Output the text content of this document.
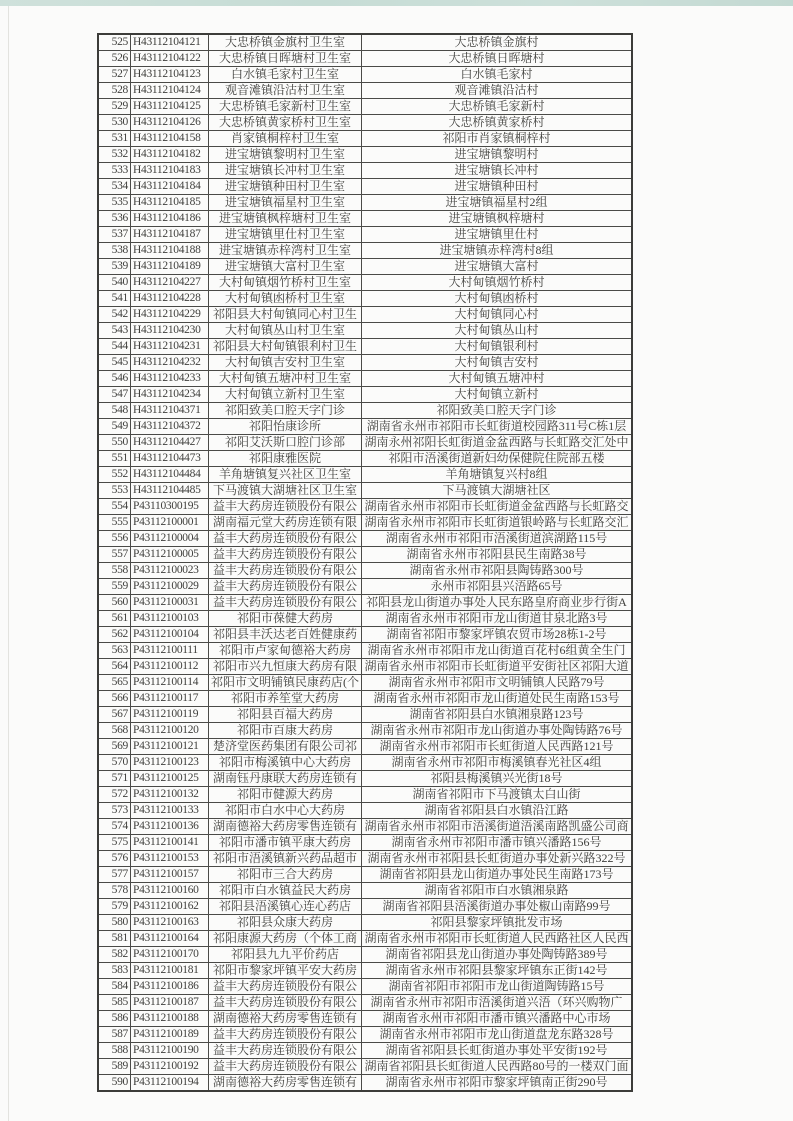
525	H43112104121	大忠桥镇金旗村卫生室	大忠桥镇金旗村
526	H43112104122	大忠桥镇日晖塘村卫生室	大忠桥镇日晖塘村
527	H43112104123	白水镇毛家村卫生室	白水镇毛家村
528	H43112104124	观音滩镇沿沽村卫生室	观音滩镇沿沽村
529	H43112104125	大忠桥镇毛家新村卫生室	大忠桥镇毛家新村
530	H43112104126	大忠桥镇黄家桥村卫生室	大忠桥镇黄家桥村
531	H43112104158	肖家镇桐梓村卫生室	祁阳市肖家镇桐梓村
532	H43112104182	进宝塘镇黎明村卫生室	进宝塘镇黎明村
533	H43112104183	进宝塘镇长冲村卫生室	进宝塘镇长冲村
534	H43112104184	进宝塘镇种田村卫生室	进宝塘镇种田村
535	H43112104185	进宝塘镇福星村卫生室	进宝塘镇福星村2组
536	H43112104186	进宝塘镇枫梓塘村卫生室	进宝塘镇枫梓塘村
537	H43112104187	进宝塘镇里仕村卫生室	进宝塘镇里仕村
538	H43112104188	进宝塘镇赤梓湾村卫生室	进宝塘镇赤梓湾村8组
539	H43112104189	进宝塘镇大富村卫生室	进宝塘镇大富村
540	H43112104227	大村甸镇烟竹桥村卫生室	大村甸镇烟竹桥村
541	H43112104228	大村甸镇凼桥村卫生室	大村甸镇凼桥村
542	H43112104229	祁阳县大村甸镇同心村卫生	大村甸镇同心村
543	H43112104230	大村甸镇丛山村卫生室	大村甸镇丛山村
544	H43112104231	祁阳县大村甸镇银利村卫生	大村甸镇银利村
545	H43112104232	大村甸镇吉安村卫生室	大村甸镇吉安村
546	H43112104233	大村甸镇五塘冲村卫生室	大村甸镇五塘冲村
547	H43112104234	大村甸镇立新村卫生室	大村甸镇立新村
548	H43112104371	祁阳致美口腔天字门诊	祁阳致美口腔天字门诊
549	H43112104372	祁阳怡康诊所	湖南省永州市祁阳市长虹街道校园路311号C栋1层
550	H43112104427	祁阳艾沃斯口腔门诊部	湖南永州祁阳长虹街道金盆西路与长虹路交汇处中
551	H43112104473	祁阳康雅医院	祁阳市浯溪街道新妇幼保健院住院部五楼
552	H43112104484	羊角塘镇复兴社区卫生室	羊角塘镇复兴村8组
553	H43112104485	下马渡镇大湖塘社区卫生室	下马渡镇大湖塘社区
554	P43110300195	益丰大药房连锁股份有限公	湖南省永州市祁阳市长虹街道金盆西路与长虹路交
555	P43112100001	湖南福元堂大药房连锁有限	湖南省永州市祁阳市长虹街道银岭路与长虹路交汇
556	P43112100004	益丰大药房连锁股份有限公	湖南省永州市祁阳市浯溪街道滨湖路115号
557	P43112100005	益丰大药房连锁股份有限公	湖南省永州市祁阳县民生南路38号
558	P43112100023	益丰大药房连锁股份有限公	湖南省永州市祁阳县陶铸路300号
559	P43112100029	益丰大药房连锁股份有限公	永州市祁阳县兴浯路65号
560	P43112100031	益丰大药房连锁股份有限公	祁阳县龙山街道办事处人民东路皇府商业步行街A
561	P43112100103	祁阳市葆健大药房	湖南省永州市祁阳市龙山街道甘泉北路3号
562	P43112100104	祁阳县丰沃达老百姓健康药	湖南省祁阳市黎家坪镇农贸市场28栋1-2号
563	P43112100111	祁阳市卢家甸德裕大药房	湖南省永州市祁阳市龙山街道百花村6组黄全生门
564	P43112100112	祁阳市兴九恒康大药房有限	湖南省永州市祁阳市长虹街道平安街社区祁阳大道
565	P43112100114	祁阳市文明铺镇民康药店(个	湖南省永州市祁阳市文明铺镇人民路79号
566	P43112100117	祁阳市养笙堂大药房	湖南省永州市祁阳市龙山街道处民生南路153号
567	P43112100119	祁阳县百福大药房	湖南省祁阳县白水镇湘泉路123号
568	P43112100120	祁阳市百康大药房	湖南省永州市祁阳市龙山街道办事处陶铸路76号
569	P43112100121	楚济堂医药集团有限公司祁	湖南省永州市祁阳市长虹街道人民西路121号
570	P43112100123	祁阳市梅溪镇中心大药房	湖南省永州市祁阳市梅溪镇春光社区4组
571	P43112100125	湖南钰丹康联大药房连锁有	祁阳县梅溪镇兴光街18号
572	P43112100132	祁阳市健源大药房	湖南省祁阳市下马渡镇太白山街
573	P43112100133	祁阳市白水中心大药房	湖南省祁阳县白水镇沿江路
574	P43112100136	湖南德裕大药房零售连锁有	湖南省永州市祁阳市浯溪街道浯溪南路凯盛公司商
575	P43112100141	祁阳市潘市镇平康大药房	湖南省永州市祁阳市潘市镇兴潘路156号
576	P43112100153	祁阳市浯溪镇新兴药品超市	湖南省永州市祁阳县长虹街道办事处新兴路322号
577	P43112100157	祁阳市三合大药房	湖南省祁阳县龙山街道办事处民生南路173号
578	P43112100160	祁阳市白水镇益民大药房	湖南省祁阳市白水镇湘泉路
579	P43112100162	祁阳县浯溪镇心连心药店	湖南省祁阳县浯溪街道办事处椒山南路99号
580	P43112100163	祁阳县众康大药房	祁阳县黎家坪镇批发市场
581	P43112100164	祁阳康源大药房（个体工商	湖南省永州市祁阳市长虹街道人民西路社区人民西
582	P43112100170	祁阳县九九平价药店	湖南省祁阳县龙山街道办事处陶铸路389号
583	P43112100181	祁阳市黎家坪镇平安大药房	湖南省永州市祁阳县黎家坪镇东正街142号
584	P43112100186	益丰大药房连锁股份有限公	湖南省祁阳市祁阳市龙山街道陶铸路15号
585	P43112100187	益丰大药房连锁股份有限公	湖南省永州市祁阳市浯溪街道兴浯（环兴购物广
586	P43112100188	湖南德裕大药房零售连锁有	湖南省永州市祁阳市潘市镇兴潘路中心市场
587	P43112100189	益丰大药房连锁股份有限公	湖南省永州市祁阳市龙山街道盘龙东路328号
588	P43112100190	益丰大药房连锁股份有限公	湖南省祁阳县长虹街道办事处平安街192号
589	P43112100192	益丰大药房连锁股份有限公	湖南省祁阳县长虹街道人民西路80号的一楼双门面
590	P43112100194	湖南德裕大药房零售连锁有	湖南省永州市祁阳市黎家坪镇南正街290号
